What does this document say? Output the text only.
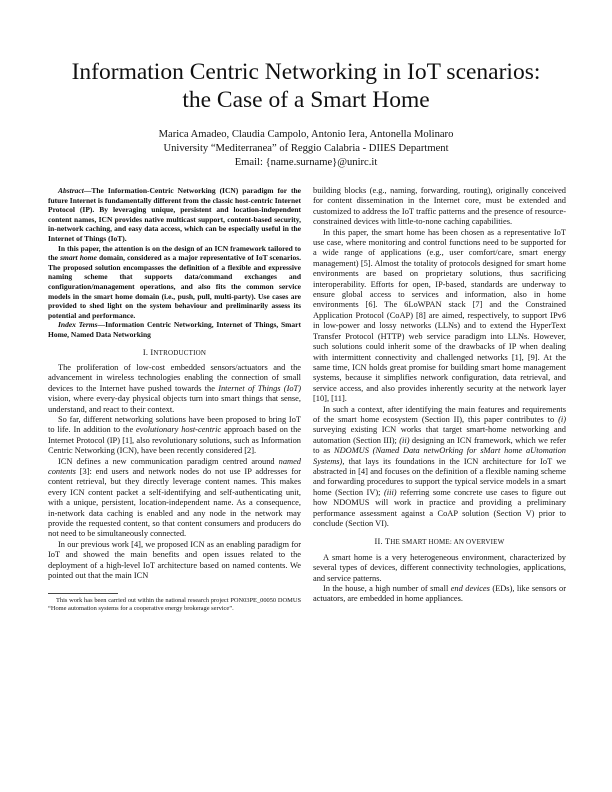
Information Centric Networking in IoT scenarios:
the Case of a Smart Home
Marica Amadeo, Claudia Campolo, Antonio Iera, Antonella Molinaro
University “Mediterranea” of Reggio Calabria - DIIES Department
Email: {name.surname}@unirc.it

Abstract—The Information-Centric Networking (ICN) paradigm for the future Internet is fundamentally different from the classic host-centric Internet Protocol (IP). By leveraging unique, persistent and location-independent content names, ICN provides native multicast support, content-based security, in-network caching, and easy data access, which can be especially useful in the Internet of Things (IoT).

In this paper, the attention is on the design of an ICN framework tailored to the smart home domain, considered as a major representative of IoT scenarios. The proposed solution encompasses the definition of a flexible and expressive naming scheme that supports data/command exchanges and configuration/management operations, and also fits the common service models in the smart home domain (i.e., push, pull, multi-party). Use cases are provided to shed light on the system behaviour and preliminarily assess its potential and performance.

Index Terms—Information Centric Networking, Internet of Things, Smart Home, Named Data Networking

I. INTRODUCTION

The proliferation of low-cost embedded sensors/actuators and the advancement in wireless technologies enabling the connection of small devices to the Internet have pushed towards the Internet of Things (IoT) vision, where every-day physical objects turn into smart things that sense, understand, and react to their context.

So far, different networking solutions have been proposed to bring IoT to life. In addition to the evolutionary host-centric approach based on the Internet Protocol (IP) [1], also revolutionary solutions, such as Information Centric Networking (ICN), have been recently considered [2].

ICN defines a new communication paradigm centred around named contents [3]: end users and network nodes do not use IP addresses for content retrieval, but they directly leverage content names. This makes every ICN content packet a self-identifying and self-authenticating unit, with a unique, persistent, location-independent name. As a consequence, in-network data caching is enabled and any node in the network may provide the requested content, so that content consumers and producers do not need to be simultaneously connected.

In our previous work [4], we proposed ICN as an enabling paradigm for IoT and showed the main benefits and open issues related to the deployment of a high-level IoT architecture based on named contents. We pointed out that the main ICN

This work has been carried out within the national research project PON03PE_00050 DOMUS “Home automation systems for a cooperative energy brokerage service”.

building blocks (e.g., naming, forwarding, routing), originally conceived for content dissemination in the Internet core, must be extended and customized to address the IoT traffic patterns and the presence of resource-constrained devices with little-to-none caching capabilities.

In this paper, the smart home has been chosen as a representative IoT use case, where monitoring and control functions need to be supported for a wide range of applications (e.g., user comfort/care, smart energy management) [5]. Almost the totality of protocols designed for smart home environments are based on proprietary solutions, thus sacrificing interoperability. Efforts for open, IP-based, standards are underway to ensure global access to services and information, also in home environments [6]. The 6LoWPAN stack [7] and the Constrained Application Protocol (CoAP) [8] are aimed, respectively, to support IPv6 in low-power and lossy networks (LLNs) and to extend the HyperText Transfer Protocol (HTTP) web service paradigm into LLNs. However, such solutions could inherit some of the drawbacks of IP when dealing with intermittent connectivity and challenged networks [1], [9]. At the same time, ICN holds great promise for building smart home management systems, because it simplifies network configuration, data retrieval, and service access, and also provides inherently security at the network layer [10], [11].

In such a context, after identifying the main features and requirements of the smart home ecosystem (Section II), this paper contributes to (i) surveying existing ICN works that target smart-home networking and automation (Section III); (ii) designing an ICN framework, which we refer to as NDOMUS (Named Data netwOrking for sMart home aUtomation Systems), that lays its foundations in the ICN architecture for IoT we abstracted in [4] and focuses on the definition of a flexible naming scheme and forwarding procedures to support the typical service models in a smart home (Section IV); (iii) referring some concrete use cases to figure out how NDOMUS will work in practice and providing a preliminary performance assessment against a CoAP solution (Section V) prior to conclude (Section VI).

II. THE SMART HOME: AN OVERVIEW

A smart home is a very heterogeneous environment, characterized by several types of devices, different connectivity technologies, applications, and service patterns.

In the house, a high number of small end devices (EDs), like sensors or actuators, are embedded in home appliances.
